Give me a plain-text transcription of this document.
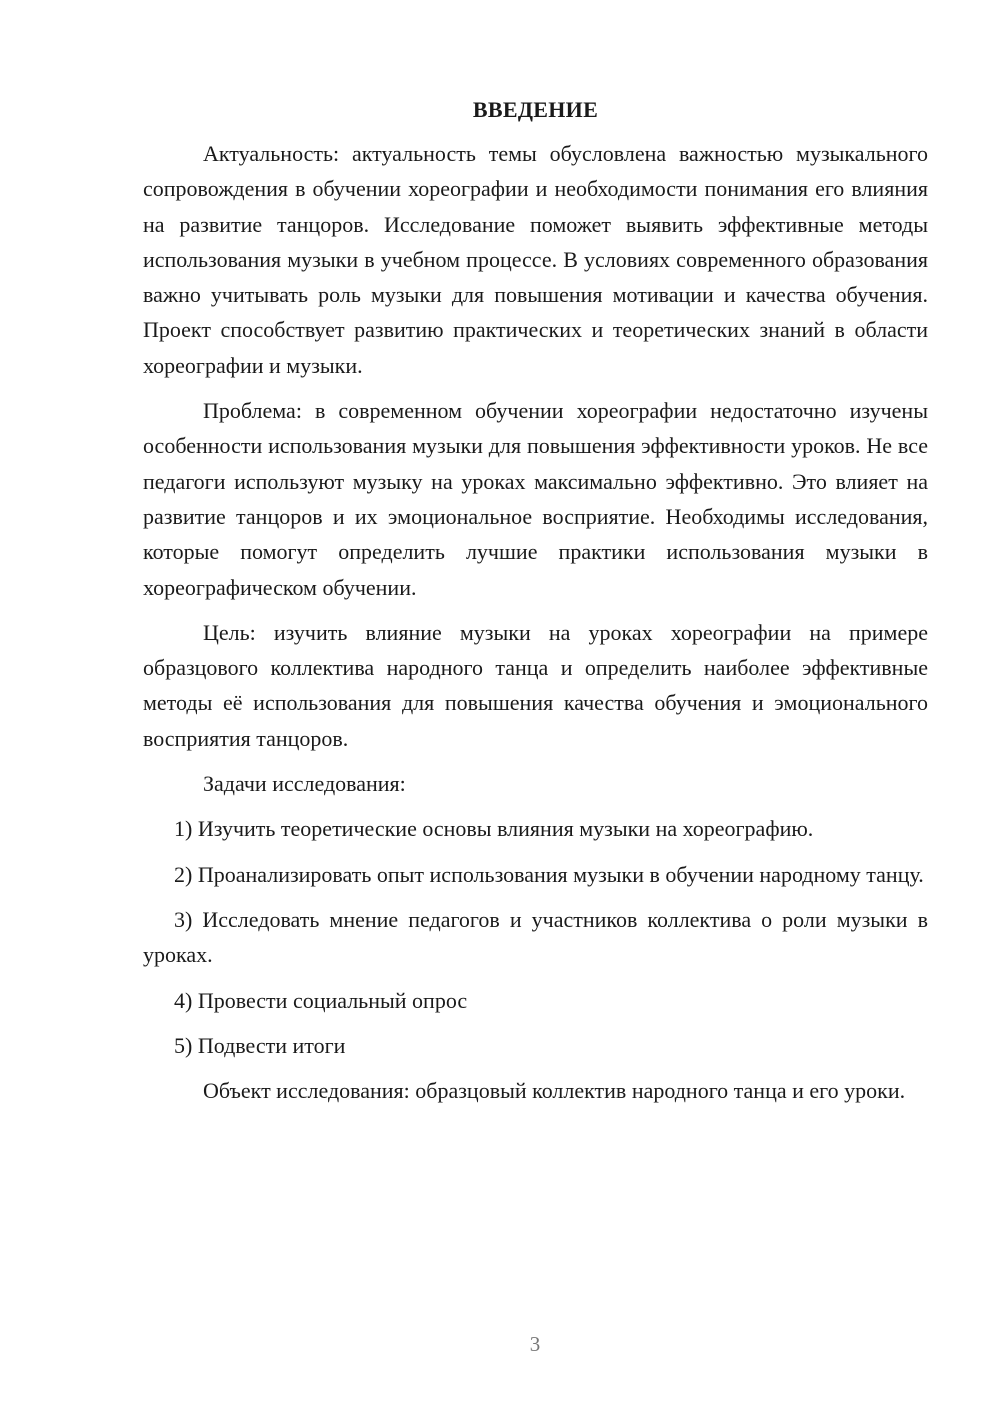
ВВЕДЕНИЕ

Актуальность: актуальность темы обусловлена важностью музыкального сопровождения в обучении хореографии и необходимости понимания его влияния на развитие танцоров. Исследование поможет выявить эффективные методы использования музыки в учебном процессе. В условиях современного образования важно учитывать роль музыки для повышения мотивации и качества обучения. Проект способствует развитию практических и теоретических знаний в области хореографии и музыки.

Проблема: в современном обучении хореографии недостаточно изучены особенности использования музыки для повышения эффективности уроков. Не все педагоги используют музыку на уроках максимально эффективно. Это влияет на развитие танцоров и их эмоциональное восприятие. Необходимы исследования, которые помогут определить лучшие практики использования музыки в хореографическом обучении.

Цель: изучить влияние музыки на уроках хореографии на примере образцового коллектива народного танца и определить наиболее эффективные методы её использования для повышения качества обучения и эмоционального восприятия танцоров.

Задачи исследования:

1) Изучить теоретические основы влияния музыки на хореографию.

2) Проанализировать опыт использования музыки в обучении народному танцу.

3) Исследовать мнение педагогов и участников коллектива о роли музыки в уроках.

4) Провести социальный опрос

5) Подвести итоги

Объект исследования: образцовый коллектив народного танца и его уроки.

3
